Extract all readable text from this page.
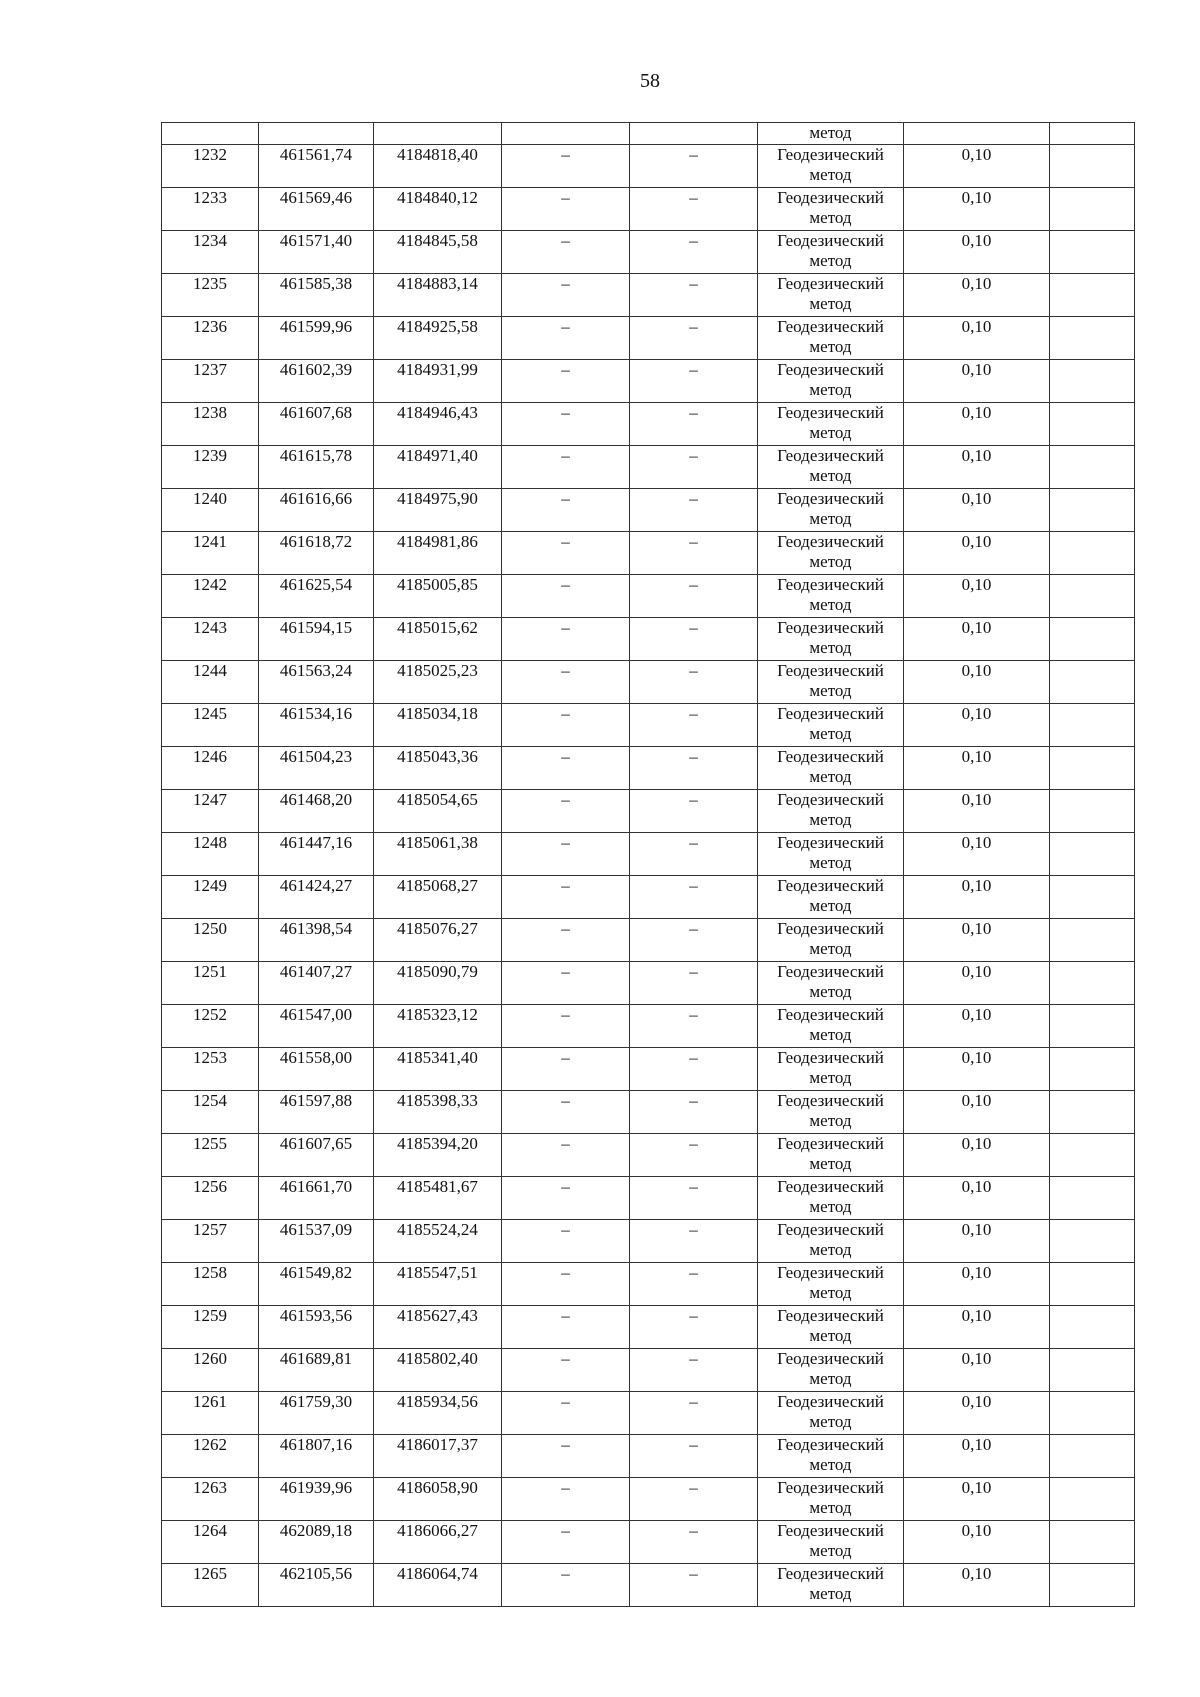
58
					метод		
1232	461561,74	4184818,40	–	–	Геодезический
метод	0,10	
1233	461569,46	4184840,12	–	–	Геодезический
метод	0,10	
1234	461571,40	4184845,58	–	–	Геодезический
метод	0,10	
1235	461585,38	4184883,14	–	–	Геодезический
метод	0,10	
1236	461599,96	4184925,58	–	–	Геодезический
метод	0,10	
1237	461602,39	4184931,99	–	–	Геодезический
метод	0,10	
1238	461607,68	4184946,43	–	–	Геодезический
метод	0,10	
1239	461615,78	4184971,40	–	–	Геодезический
метод	0,10	
1240	461616,66	4184975,90	–	–	Геодезический
метод	0,10	
1241	461618,72	4184981,86	–	–	Геодезический
метод	0,10	
1242	461625,54	4185005,85	–	–	Геодезический
метод	0,10	
1243	461594,15	4185015,62	–	–	Геодезический
метод	0,10	
1244	461563,24	4185025,23	–	–	Геодезический
метод	0,10	
1245	461534,16	4185034,18	–	–	Геодезический
метод	0,10	
1246	461504,23	4185043,36	–	–	Геодезический
метод	0,10	
1247	461468,20	4185054,65	–	–	Геодезический
метод	0,10	
1248	461447,16	4185061,38	–	–	Геодезический
метод	0,10	
1249	461424,27	4185068,27	–	–	Геодезический
метод	0,10	
1250	461398,54	4185076,27	–	–	Геодезический
метод	0,10	
1251	461407,27	4185090,79	–	–	Геодезический
метод	0,10	
1252	461547,00	4185323,12	–	–	Геодезический
метод	0,10	
1253	461558,00	4185341,40	–	–	Геодезический
метод	0,10	
1254	461597,88	4185398,33	–	–	Геодезический
метод	0,10	
1255	461607,65	4185394,20	–	–	Геодезический
метод	0,10	
1256	461661,70	4185481,67	–	–	Геодезический
метод	0,10	
1257	461537,09	4185524,24	–	–	Геодезический
метод	0,10	
1258	461549,82	4185547,51	–	–	Геодезический
метод	0,10	
1259	461593,56	4185627,43	–	–	Геодезический
метод	0,10	
1260	461689,81	4185802,40	–	–	Геодезический
метод	0,10	
1261	461759,30	4185934,56	–	–	Геодезический
метод	0,10	
1262	461807,16	4186017,37	–	–	Геодезический
метод	0,10	
1263	461939,96	4186058,90	–	–	Геодезический
метод	0,10	
1264	462089,18	4186066,27	–	–	Геодезический
метод	0,10	
1265	462105,56	4186064,74	–	–	Геодезический
метод	0,10	
